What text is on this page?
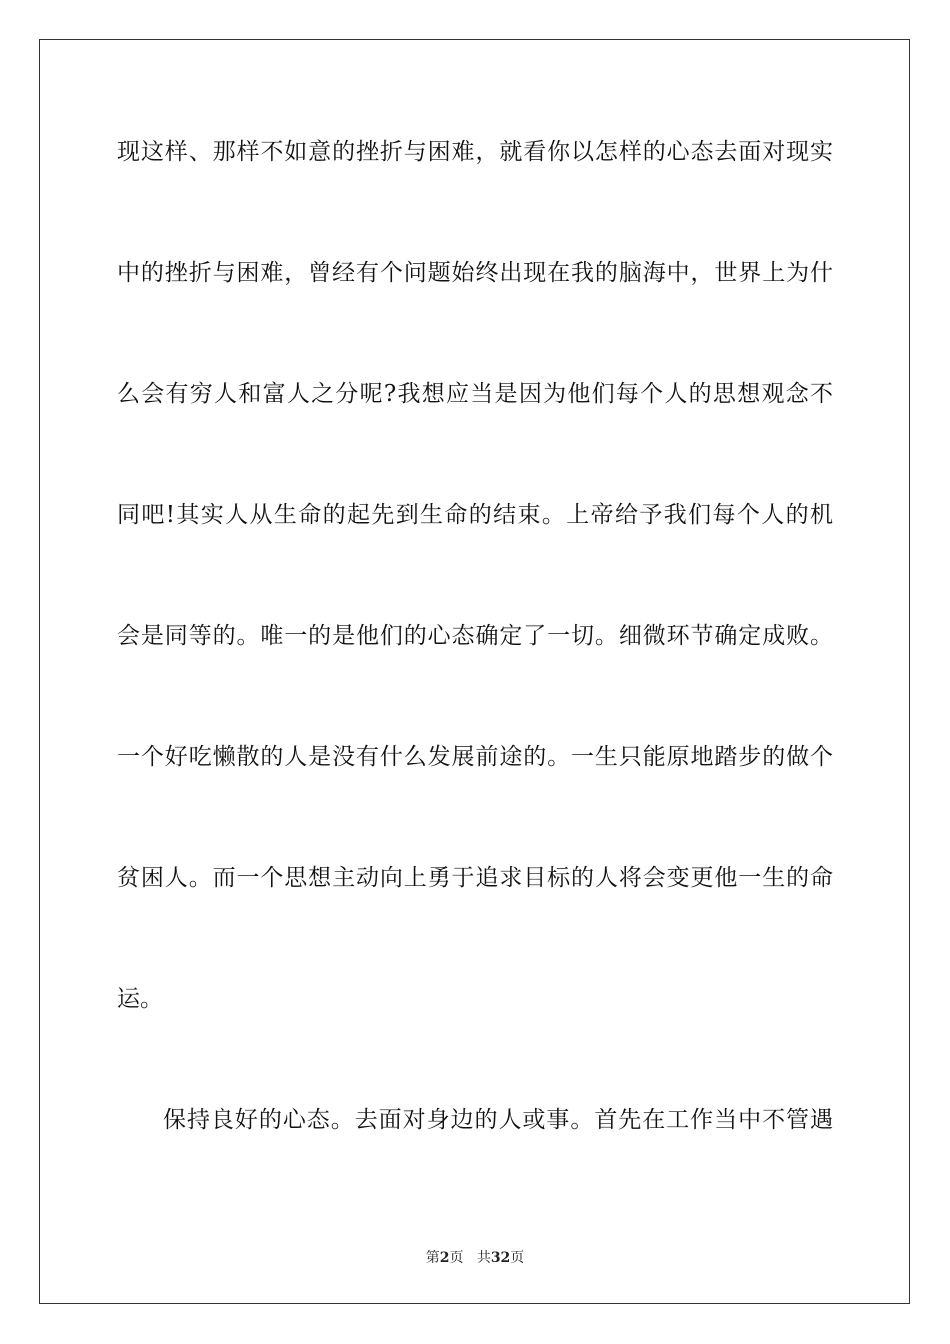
现这样、那样不如意的挫折与困难，就看你以怎样的心态去面对现实
中的挫折与困难，曾经有个问题始终出现在我的脑海中，世界上为什
么会有穷人和富人之分呢?我想应当是因为他们每个人的思想观念不
同吧!其实人从生命的起先到生命的结束。上帝给予我们每个人的机
会是同等的。唯一的是他们的心态确定了一切。细微环节确定成败。
一个好吃懒散的人是没有什么发展前途的。一生只能原地踏步的做个
贫困人。而一个思想主动向上勇于追求目标的人将会变更他一生的命
运。
保持良好的心态。去面对身边的人或事。首先在工作当中不管遇
第2页 共32页
